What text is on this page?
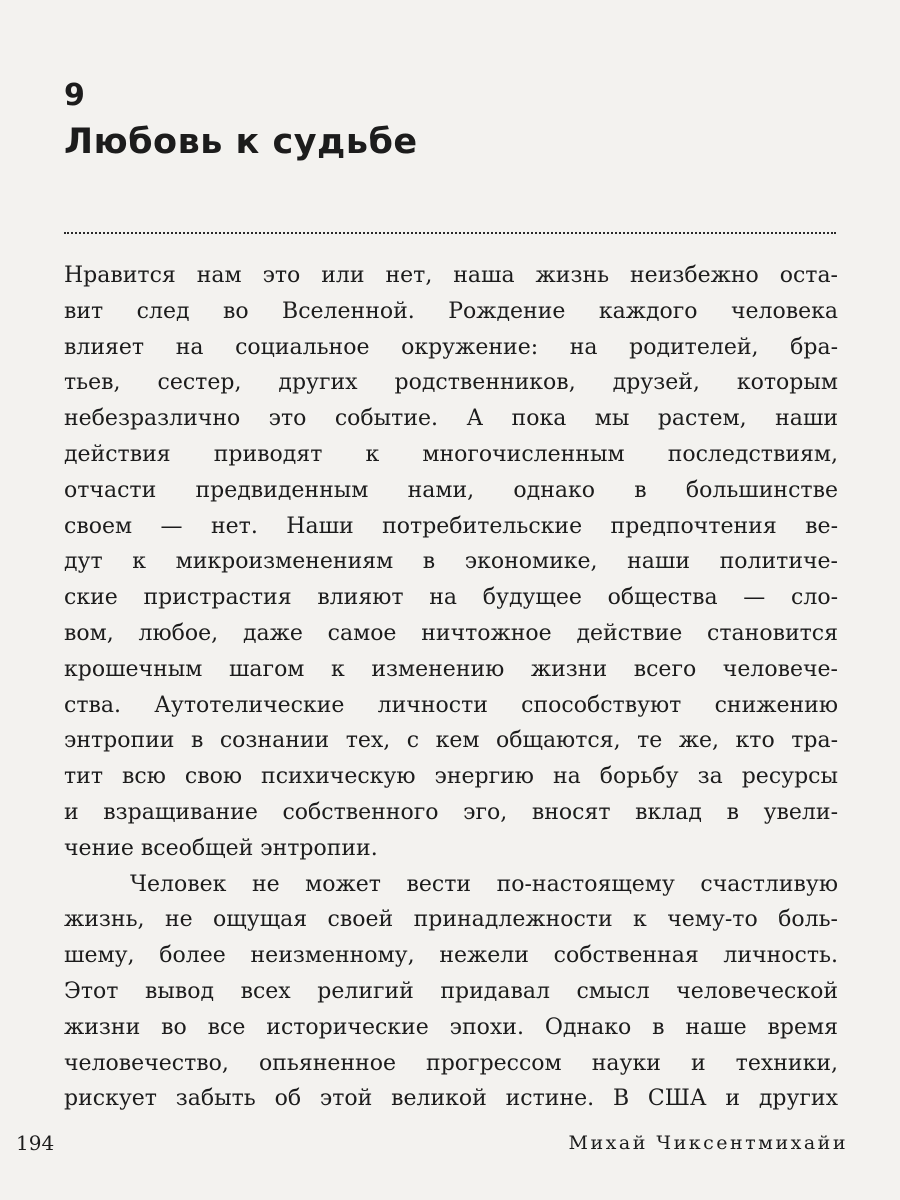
9
Любовь к судьбе
Нравится нам это или нет, наша жизнь неизбежно оста-
вит след во Вселенной. Рождение каждого человека
влияет на социальное окружение: на родителей, бра-
тьев, сестер, других родственников, друзей, которым
небезразлично это событие. А пока мы растем, наши
действия приводят к многочисленным последствиям,
отчасти предвиденным нами, однако в большинстве
своем — нет. Наши потребительские предпочтения ве-
дут к микроизменениям в экономике, наши политиче-
ские пристрастия влияют на будущее общества — сло-
вом, любое, даже самое ничтожное действие становится
крошечным шагом к изменению жизни всего человече-
ства. Аутотелические личности способствуют снижению
энтропии в сознании тех, с кем общаются, те же, кто тра-
тит всю свою психическую энергию на борьбу за ресурсы
и взращивание собственного эго, вносят вклад в увели-
чение всеобщей энтропии.
Человек не может вести по-настоящему счастливую
жизнь, не ощущая своей принадлежности к чему-то боль-
шему, более неизменному, нежели собственная личность.
Этот вывод всех религий придавал смысл человеческой
жизни во все исторические эпохи. Однако в наше время
человечество, опьяненное прогрессом науки и техники,
рискует забыть об этой великой истине. В США и других
194	Михай Чиксентмихайи
